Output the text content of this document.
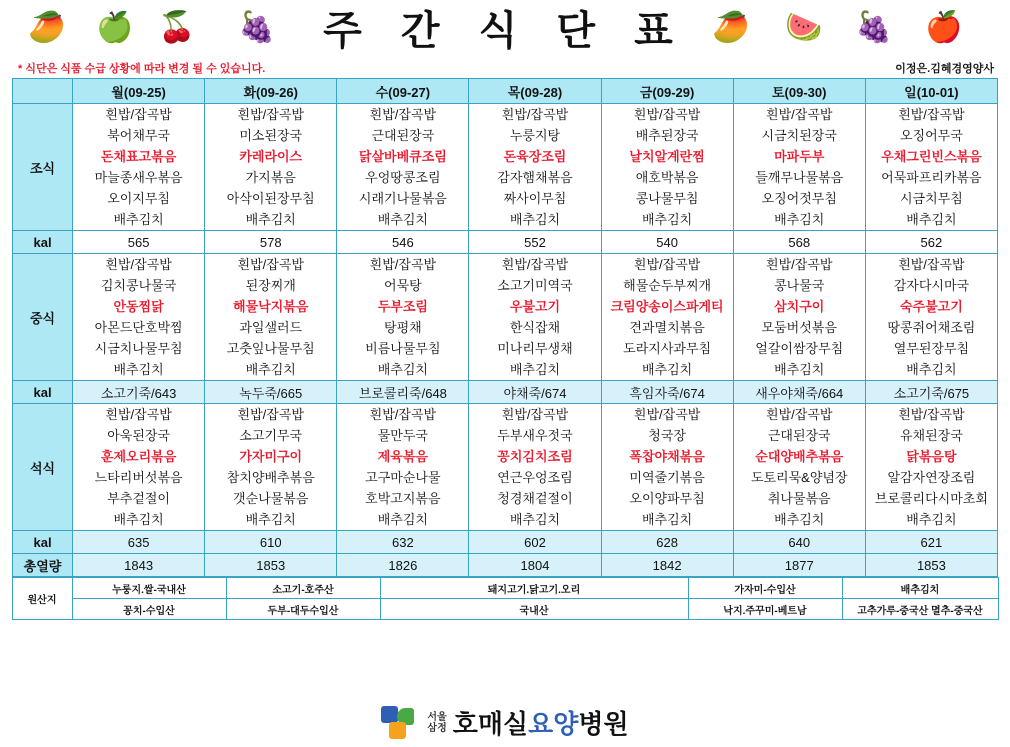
🥭 🍏 🍒 🍇	주 간 식 단 표 🥭 🍉 🍇 🍎
* 식단은 식품 수급 상황에 따라 변경 될 수 있습니다.	이정은.김혜경영양사
	월(09-25)	화(09-26)	수(09-27)	목(09-28)	금(09-29)	토(09-30)	일(10-01)
조식	
흰밥/잡곡밥
북어채무국
돈채표고볶음
마늘종새우볶음
오이지무침
배추김치

흰밥/잡곡밥
미소된장국
카레라이스
가지볶음
아삭이된장무침
배추김치

흰밥/잡곡밥
근대된장국
닭살바베큐조림
우엉땅콩조림
시래기나물볶음
배추김치

흰밥/잡곡밥
누룽지탕
돈육장조림
감자햄채볶음
짜사이무침
배추김치

흰밥/잡곡밥
배추된장국
날치알계란찜
애호박볶음
콩나물무침
배추김치

흰밥/잡곡밥
시금치된장국
마파두부
들깨무나물볶음
오징어젓무침
배추김치

흰밥/잡곡밥
오징어무국
우채그린빈스볶음
어묵파프리카볶음
시금치무침
배추김치

kal	565	578	546	552	540	568	562
중식	
흰밥/잡곡밥
김치콩나물국
안동찜닭
아몬드단호박찜
시금치나물무침
배추김치

흰밥/잡곡밥
된장찌개
해물낙지볶음
과일샐러드
고춧잎나물무침
배추김치

흰밥/잡곡밥
어묵탕
두부조림
탕평채
비름나물무침
배추김치

흰밥/잡곡밥
소고기미역국
우불고기
한식잡채
미나리무생채
배추김치

흰밥/잡곡밥
해물순두부찌개
크림양송이스파게티
견과멸치볶음
도라지사과무침
배추김치

흰밥/잡곡밥
콩나물국
삼치구이
모둠버섯볶음
얼갈이쌈장무침
배추김치

흰밥/잡곡밥
감자다시마국
숙주불고기
땅콩쥐어채조림
열무된장무침
배추김치

kal	소고기죽/643	녹두죽/665	브로콜리죽/648	야채죽/674	흑임자죽/674	새우야채죽/664	소고기죽/675
석식	
흰밥/잡곡밥
아욱된장국
훈제오리볶음
느타리버섯볶음
부추겉절이
배추김치

흰밥/잡곡밥
소고기무국
가자미구이
참치양배추볶음
갯순나물볶음
배추김치

흰밥/잡곡밥
물만두국
제육볶음
고구마순나물
호박고지볶음
배추김치

흰밥/잡곡밥
두부새우젓국
꽁치김치조림
연근우엉조림
청경채겉절이
배추김치

흰밥/잡곡밥
청국장
폭찹야채볶음
미역줄기볶음
오이양파무침
배추김치

흰밥/잡곡밥
근대된장국
순대양배추볶음
도토리묵&양념장
취나물볶음
배추김치

흰밥/잡곡밥
유채된장국
닭볶음탕
알감자연장조림
브로콜리다시마초회
배추김치

kal	635	610	632	602	628	640	621
총열량	1843	1853	1826	1804	1842	1877	1853
원산지	누룽지.쌀-국내산	소고기-호주산	돼지고기.닭고기.오리	가자미-수입산	배추김치
	꽁치-수입산	두부-대두수입산	국내산	낙지.주꾸미-베트남	고추가루-중국산 멸추-중국산
서울
삼정 호매실요양병원
